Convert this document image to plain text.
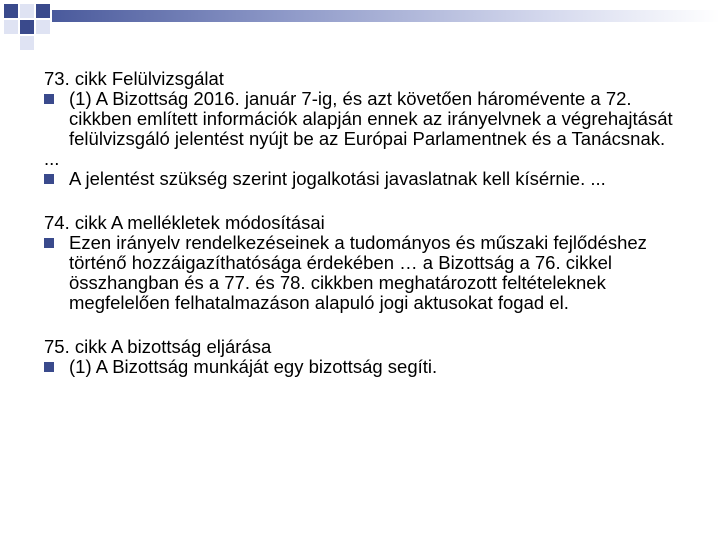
73. cikk Felülvizsgálat
(1) A Bizottság 2016. január 7-ig, és azt követően háromévente a 72. cikkben említett információk alapján ennek az irányelvnek a végrehajtását felülvizsgáló jelentést nyújt be az Európai Parlamentnek és a Tanácsnak.
...
A jelentést szükség szerint jogalkotási javaslatnak kell kísérnie. ...
74. cikk A mellékletek módosításai
Ezen irányelv rendelkezéseinek a tudományos és műszaki fejlődéshez történő hozzáigazíthatósága érdekében … a Bizottság a 76. cikkel összhangban és a 77. és 78. cikkben meghatározott feltételeknek megfelelően felhatalmazáson alapuló jogi aktusokat fogad el.
75. cikk A bizottság eljárása
(1) A Bizottság munkáját egy bizottság segíti.
